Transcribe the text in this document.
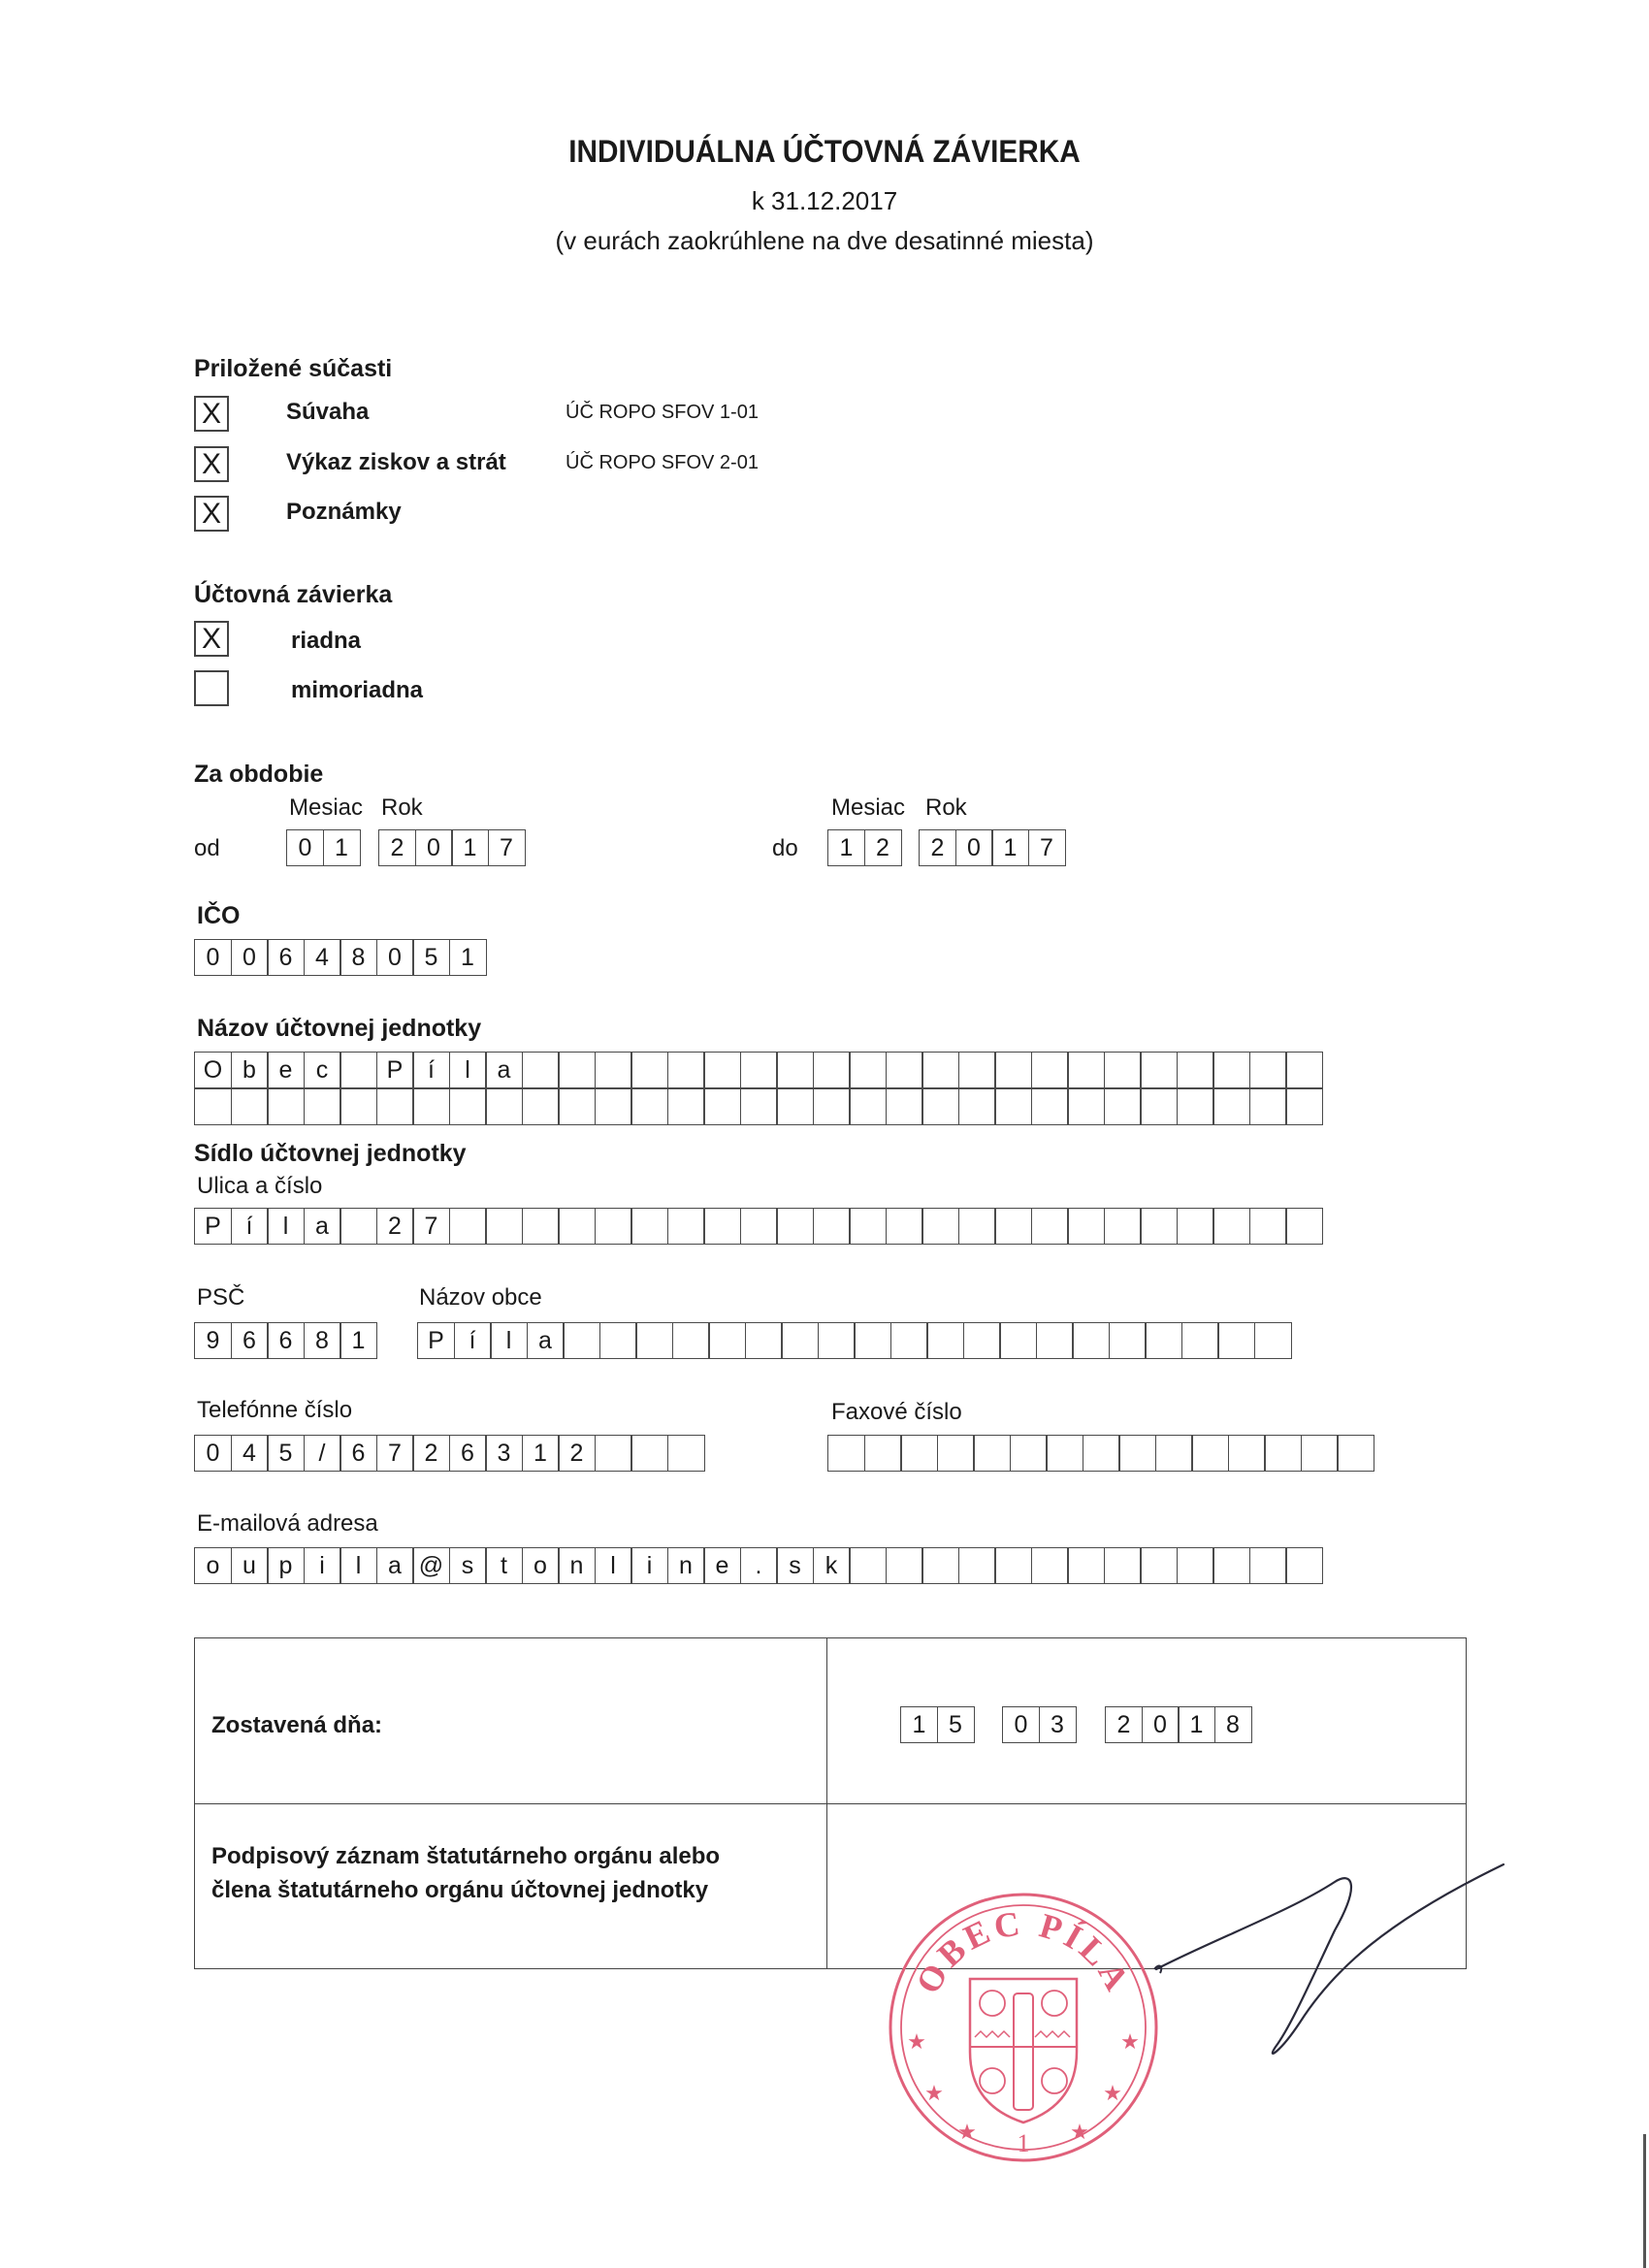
INDIVIDUÁLNA ÚČTOVNÁ ZÁVIERKA
k 31.12.2017
(v eurách zaokrúhlene na dve desatinné miesta)
Priložené súčasti
X	Súvaha	ÚČ ROPO SFOV 1-01
X	Výkaz ziskov a strát	ÚČ ROPO SFOV 2-01
X	Poznámky
Účtovná závierka
X	riadna
mimoriadna
Za obdobie
Mesiac Rok
od	0 1	2 0 1 7
Mesiac Rok
do	1 2	2 0 1 7
IČO
0 0 6 4 8 0 5 1
Názov účtovnej jednotky
O b e c	P	í	l	a
Sídlo účtovnej jednotky
Ulica a číslo
P	í	l	a	2 7
PSČ	Názov obce
9 6 6 8 1	P	í	l	a
Telefónne číslo	Faxové číslo
0 4 5	/	6 7 2 6 3 1 2
E-mailová adresa
o u p	i	l	a @ s	t	o n	l	i	n e	.	s	k
Zostavená dňa:	1 5	0 3	2 0 1 8
Podpisový záznam štatutárneho orgánu alebo
člena štatutárneho orgánu účtovnej jednotky
OBEC PÍLA
1
★	★
★	★
★	★
